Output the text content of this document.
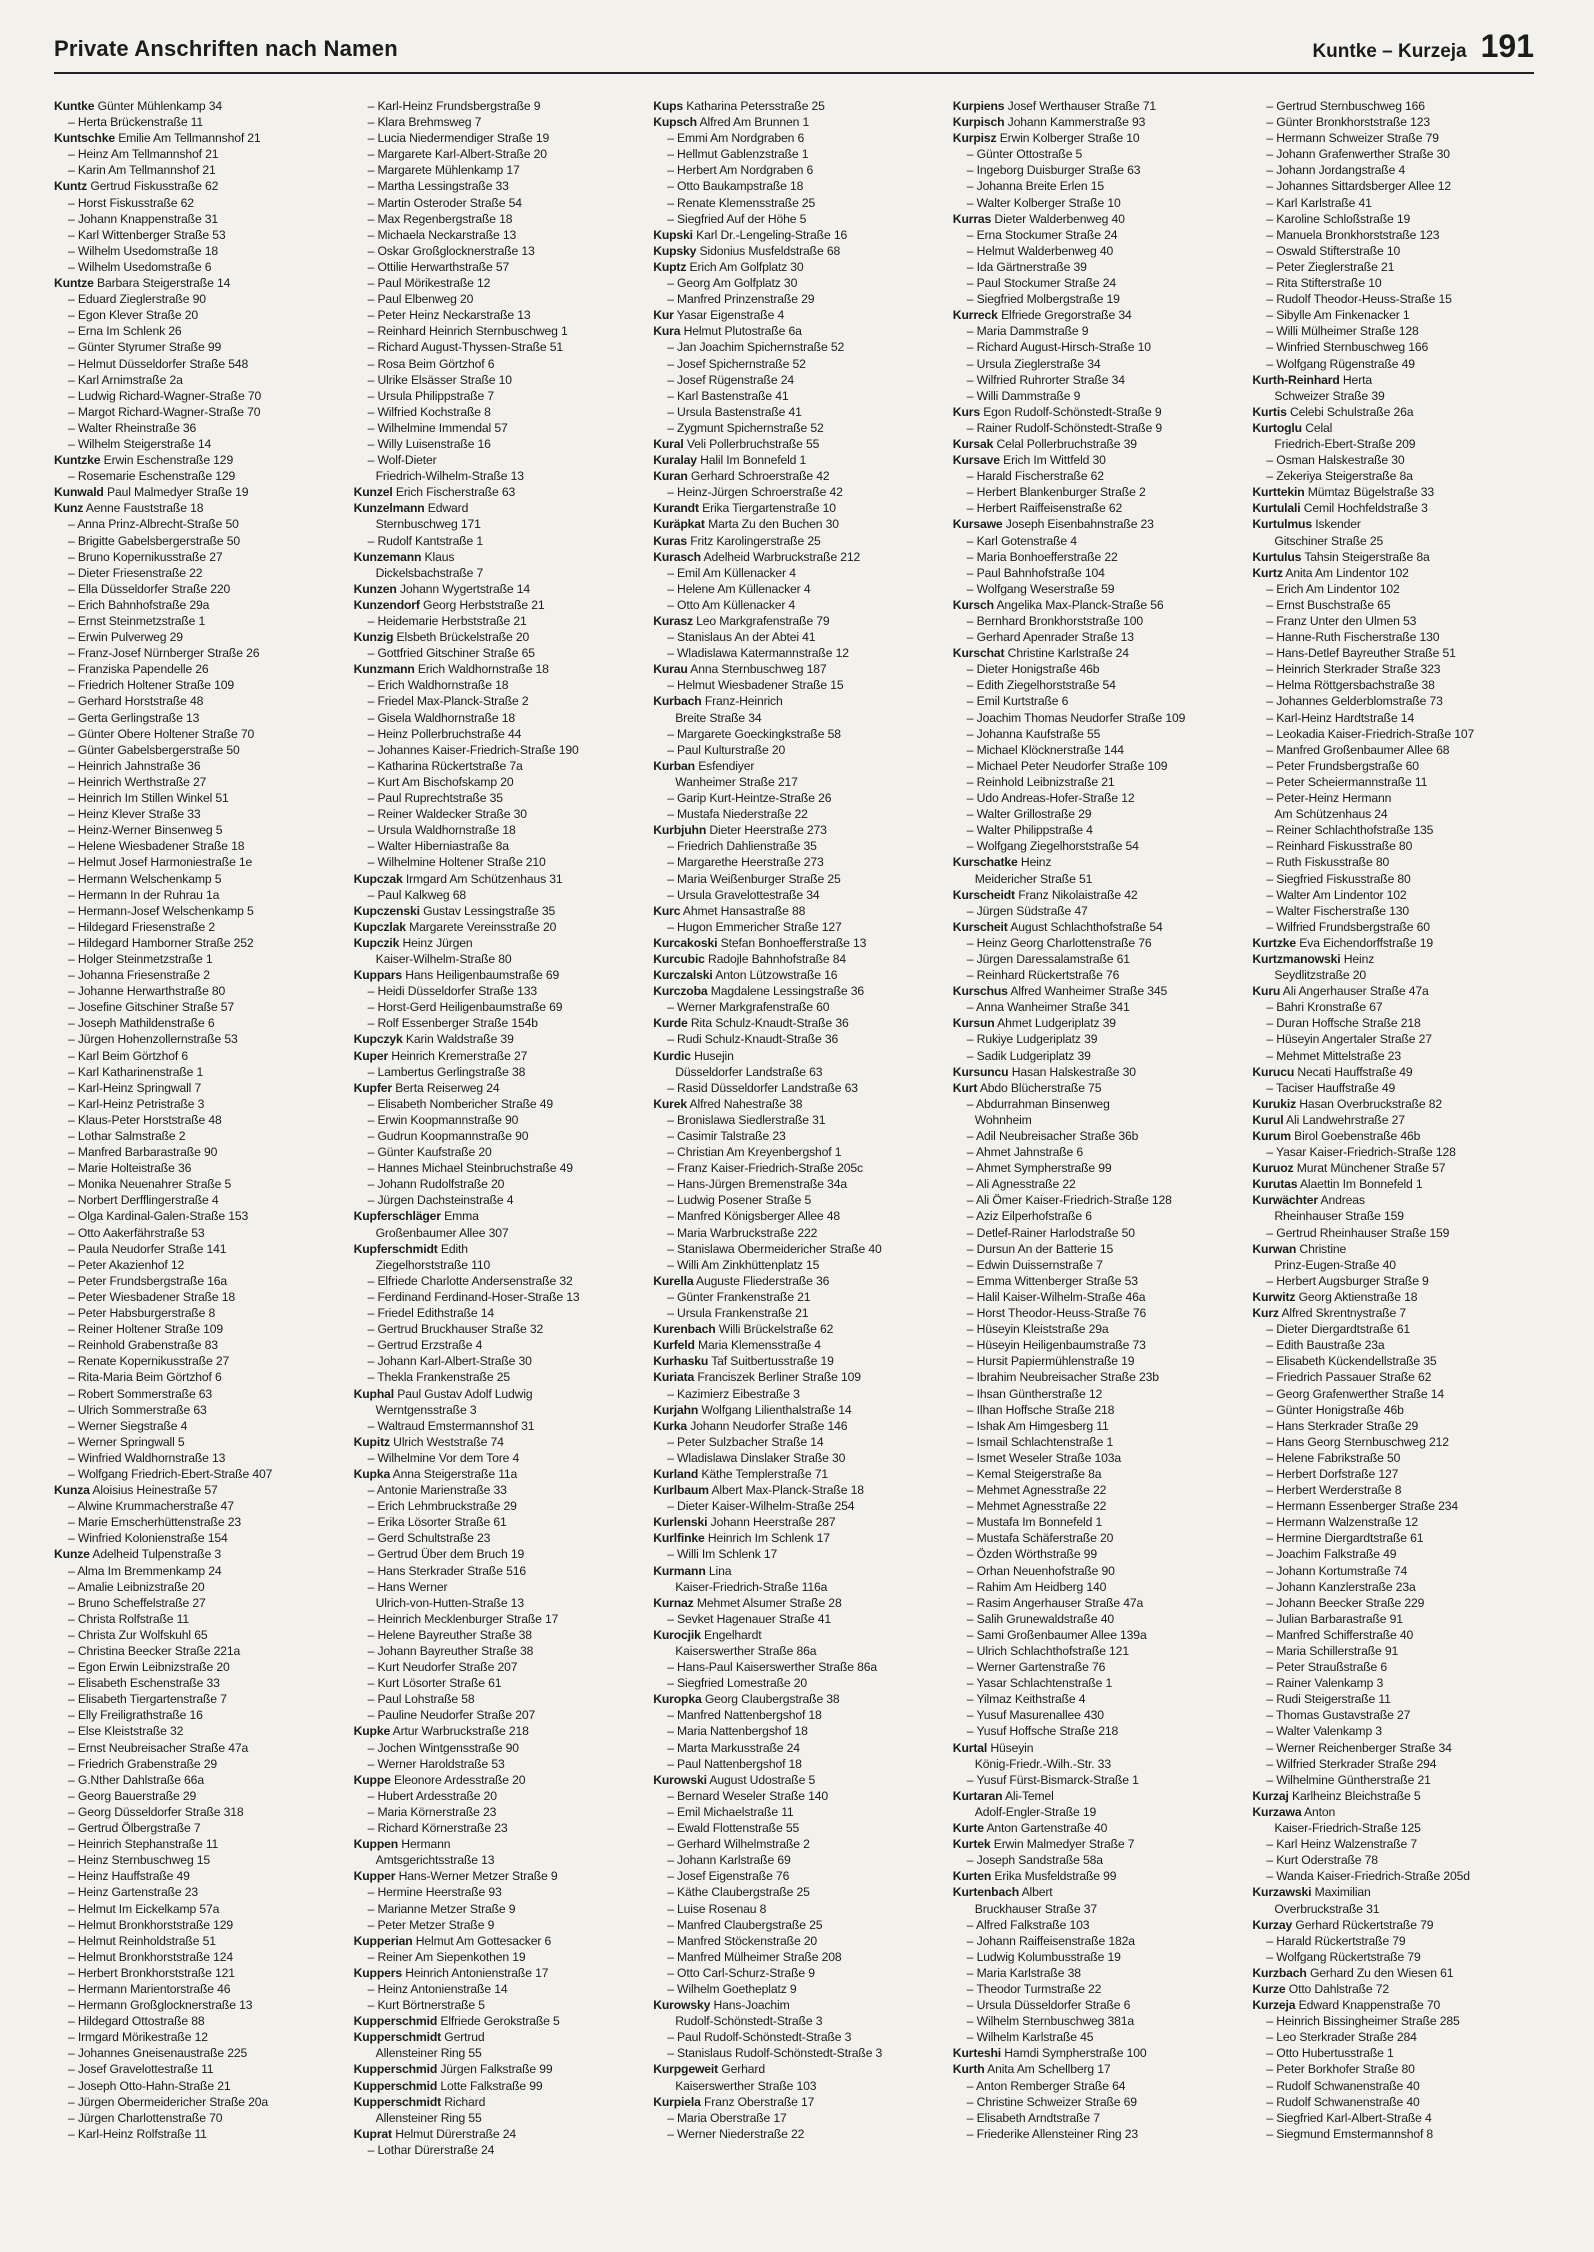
Private Anschriften nach Namen	Kuntke – Kurzeja 191
Kuntke Günter Mühlenkamp 34
– Herta Brückenstraße 11
Kuntschke Emilie Am Tellmannshof 21
– Heinz Am Tellmannshof 21
– Karin Am Tellmannshof 21
Kuntz Gertrud Fiskusstraße 62
– Horst Fiskusstraße 62
– Johann Knappenstraße 31
– Karl Wittenberger Straße 53
– Wilhelm Usedomstraße 18
– Wilhelm Usedomstraße 6
Kuntze Barbara Steigerstraße 14
– Eduard Zieglerstraße 90
– Egon Klever Straße 20
– Erna Im Schlenk 26
– Günter Styrumer Straße 99
– Helmut Düsseldorfer Straße 548
– Karl Arnimstraße 2a
– Ludwig Richard-Wagner-Straße 70
– Margot Richard-Wagner-Straße 70
– Walter Rheinstraße 36
– Wilhelm Steigerstraße 14
Kuntzke Erwin Eschenstraße 129
– Rosemarie Eschenstraße 129
Kunwald Paul Malmedyer Straße 19
Kunz Aenne Fauststraße 18
– Anna Prinz-Albrecht-Straße 50
– Brigitte Gabelsbergerstraße 50
– Bruno Kopernikusstraße 27
– Dieter Friesenstraße 22
– Ella Düsseldorfer Straße 220
– Erich Bahnhofstraße 29a
– Ernst Steinmetzstraße 1
– Erwin Pulverweg 29
– Franz-Josef Nürnberger Straße 26
– Franziska Papendelle 26
– Friedrich Holtener Straße 109
– Gerhard Horststraße 48
– Gerta Gerlingstraße 13
– Günter Obere Holtener Straße 70
– Günter Gabelsbergerstraße 50
– Heinrich Jahnstraße 36
– Heinrich Werthstraße 27
– Heinrich Im Stillen Winkel 51
– Heinz Klever Straße 33
– Heinz-Werner Binsenweg 5
– Helene Wiesbadener Straße 18
– Helmut Josef Harmoniestraße 1e
– Hermann Welschenkamp 5
– Hermann In der Ruhrau 1a
– Hermann-Josef Welschenkamp 5
– Hildegard Friesenstraße 2
– Hildegard Hamborner Straße 252
– Holger Steinmetzstraße 1
– Johanna Friesenstraße 2
– Johanne Herwarthstraße 80
– Josefine Gitschiner Straße 57
– Joseph Mathildenstraße 6
– Jürgen Hohenzollernstraße 53
– Karl Beim Görtzhof 6
– Karl Katharinenstraße 1
– Karl-Heinz Springwall 7
– Karl-Heinz Petristraße 3
– Klaus-Peter Horststraße 48
– Lothar Salmstraße 2
– Manfred Barbarastraße 90
– Marie Holteistraße 36
– Monika Neuenahrer Straße 5
– Norbert Derfflingerstraße 4
– Olga Kardinal-Galen-Straße 153
– Otto Aakerfährstraße 53
– Paula Neudorfer Straße 141
– Peter Akazienhof 12
– Peter Frundsbergstraße 16a
– Peter Wiesbadener Straße 18
– Peter Habsburgerstraße 8
– Reiner Holtener Straße 109
– Reinhold Grabenstraße 83
– Renate Kopernikusstraße 27
– Rita-Maria Beim Görtzhof 6
– Robert Sommerstraße 63
– Ulrich Sommerstraße 63
– Werner Siegstraße 4
– Werner Springwall 5
– Winfried Waldhornstraße 13
– Wolfgang Friedrich-Ebert-Straße 407
Kunza Aloisius Heinestraße 57
– Alwine Krummacherstraße 47
– Marie Emscherhüttenstraße 23
– Winfried Kolonienstraße 154
Kunze Adelheid Tulpenstraße 3
– Alma Im Bremmenkamp 24
– Amalie Leibnizstraße 20
– Bruno Scheffelstraße 27
– Christa Rolfstraße 11
– Christa Zur Wolfskuhl 65
– Christina Beecker Straße 221a
– Egon Erwin Leibnizstraße 20
– Elisabeth Eschenstraße 33
– Elisabeth Tiergartenstraße 7
– Elly Freiligrathstraße 16
– Else Kleiststraße 32
– Ernst Neubreisacher Straße 47a
– Friedrich Grabenstraße 29
– G.Nther Dahlstraße 66a
– Georg Bauerstraße 29
– Georg Düsseldorfer Straße 318
– Gertrud Ölbergstraße 7
– Heinrich Stephanstraße 11
– Heinz Sternbuschweg 15
– Heinz Hauffstraße 49
– Heinz Gartenstraße 23
– Helmut Im Eickelkamp 57a
– Helmut Bronkhorststraße 129
– Helmut Reinholdstraße 51
– Helmut Bronkhorststraße 124
– Herbert Bronkhorststraße 121
– Hermann Marientorstraße 46
– Hermann Großglocknerstraße 13
– Hildegard Ottostraße 88
– Irmgard Mörikestraße 12
– Johannes Gneisenaustraße 225
– Josef Gravelottestraße 11
– Joseph Otto-Hahn-Straße 21
– Jürgen Obermeidericher Straße 20a
– Jürgen Charlottenstraße 70
– Karl-Heinz Rolfstraße 11
– Karl-Heinz Frundsbergstraße 9
– Klara Brehmsweg 7
– Lucia Niedermendiger Straße 19
– Margarete Karl-Albert-Straße 20
– Margarete Mühlenkamp 17
– Martha Lessingstraße 33
– Martin Osteroder Straße 54
– Max Regenbergstraße 18
– Michaela Neckarstraße 13
– Oskar Großglocknerstraße 13
– Ottilie Herwarthstraße 57
– Paul Mörikestraße 12
– Paul Elbenweg 20
– Peter Heinz Neckarstraße 13
– Reinhard Heinrich Sternbuschweg 1
– Richard August-Thyssen-Straße 51
– Rosa Beim Görtzhof 6
– Ulrike Elsässer Straße 10
– Ursula Philippstraße 7
– Wilfried Kochstraße 8
– Wilhelmine Immendal 57
– Willy Luisenstraße 16
– Wolf-Dieter
Friedrich-Wilhelm-Straße 13
Kunzel Erich Fischerstraße 63
Kunzelmann Edward
Sternbuschweg 171
– Rudolf Kantstraße 1
Kunzemann Klaus
Dickelsbachstraße 7
Kunzen Johann Wygertstraße 14
Kunzendorf Georg Herbststraße 21
– Heidemarie Herbststraße 21
Kunzig Elsbeth Brückelstraße 20
– Gottfried Gitschiner Straße 65
Kunzmann Erich Waldhornstraße 18
– Erich Waldhornstraße 18
– Friedel Max-Planck-Straße 2
– Gisela Waldhornstraße 18
– Heinz Pollerbruchstraße 44
– Johannes Kaiser-Friedrich-Straße 190
– Katharina Rückertstraße 7a
– Kurt Am Bischofskamp 20
– Paul Ruprechtstraße 35
– Reiner Waldecker Straße 30
– Ursula Waldhornstraße 18
– Walter Hiberniastraße 8a
– Wilhelmine Holtener Straße 210
Kupczak Irmgard Am Schützenhaus 31
– Paul Kalkweg 68
Kupczenski Gustav Lessingstraße 35
Kupczlak Margarete Vereinsstraße 20
Kupczik Heinz Jürgen
Kaiser-Wilhelm-Straße 80
Kuppars Hans Heiligenbaumstraße 69
– Heidi Düsseldorfer Straße 133
– Horst-Gerd Heiligenbaumstraße 69
– Rolf Essenberger Straße 154b
Kupczyk Karin Waldstraße 39
Kuper Heinrich Kremerstraße 27
– Lambertus Gerlingstraße 38
Kupfer Berta Reiserweg 24
– Elisabeth Nombericher Straße 49
– Erwin Koopmannstraße 90
– Gudrun Koopmannstraße 90
– Günter Kaufstraße 20
– Hannes Michael Steinbruchstraße 49
– Johann Rudolfstraße 20
– Jürgen Dachsteinstraße 4
Kupferschläger Emma
Großenbaumer Allee 307
Kupferschmidt Edith
Ziegelhorststraße 110
– Elfriede Charlotte Andersenstraße 32
– Ferdinand Ferdinand-Hoser-Straße 13
– Friedel Edithstraße 14
– Gertrud Bruckhauser Straße 32
– Gertrud Erzstraße 4
– Johann Karl-Albert-Straße 30
– Thekla Frankenstraße 25
Kuphal Paul Gustav Adolf Ludwig
Werntgensstraße 3
– Waltraud Emstermannshof 31
Kupitz Ulrich Weststraße 74
– Wilhelmine Vor dem Tore 4
Kupka Anna Steigerstraße 11a
– Antonie Marienstraße 33
– Erich Lehmbruckstraße 29
– Erika Lösorter Straße 61
– Gerd Schultstraße 23
– Gertrud Über dem Bruch 19
– Hans Sterkrader Straße 516
– Hans Werner
Ulrich-von-Hutten-Straße 13
– Heinrich Mecklenburger Straße 17
– Helene Bayreuther Straße 38
– Johann Bayreuther Straße 38
– Kurt Neudorfer Straße 207
– Kurt Lösorter Straße 61
– Paul Lohstraße 58
– Pauline Neudorfer Straße 207
Kupke Artur Warbruckstraße 218
– Jochen Wintgensstraße 90
– Werner Haroldstraße 53
Kuppe Eleonore Ardesstraße 20
– Hubert Ardesstraße 20
– Maria Körnerstraße 23
– Richard Körnerstraße 23
Kuppen Hermann
Amtsgerichtsstraße 13
Kupper Hans-Werner Metzer Straße 9
– Hermine Heerstraße 93
– Marianne Metzer Straße 9
– Peter Metzer Straße 9
Kupperian Helmut Am Gottesacker 6
– Reiner Am Siepenkothen 19
Kuppers Heinrich Antonienstraße 17
– Heinz Antonienstraße 14
– Kurt Börtnerstraße 5
Kupperschmid Elfriede Gerokstraße 5
Kupperschmidt Gertrud
Allensteiner Ring 55
Kupperschmid Jürgen Falkstraße 99
Kupperschmid Lotte Falkstraße 99
Kupperschmidt Richard
Allensteiner Ring 55
Kuprat Helmut Dürerstraße 24
– Lothar Dürerstraße 24
Kups Katharina Petersstraße 25
Kupsch Alfred Am Brunnen 1
– Emmi Am Nordgraben 6
– Hellmut Gablenzstraße 1
– Herbert Am Nordgraben 6
– Otto Baukampstraße 18
– Renate Klemensstraße 25
– Siegfried Auf der Höhe 5
Kupski Karl Dr.-Lengeling-Straße 16
Kupsky Sidonius Musfeldstraße 68
Kuptz Erich Am Golfplatz 30
– Georg Am Golfplatz 30
– Manfred Prinzenstraße 29
Kur Yasar Eigenstraße 4
Kura Helmut Plutostraße 6a
– Jan Joachim Spichernstraße 52
– Josef Spichernstraße 52
– Josef Rügenstraße 24
– Karl Bastenstraße 41
– Ursula Bastenstraße 41
– Zygmunt Spichernstraße 52
Kural Veli Pollerbruchstraße 55
Kuralay Halil Im Bonnefeld 1
Kuran Gerhard Schroerstraße 42
– Heinz-Jürgen Schroerstraße 42
Kurandt Erika Tiergartenstraße 10
Kuräpkat Marta Zu den Buchen 30
Kuras Fritz Karolingerstraße 25
Kurasch Adelheid Warbruckstraße 212
– Emil Am Küllenacker 4
– Helene Am Küllenacker 4
– Otto Am Küllenacker 4
Kurasz Leo Markgrafenstraße 79
– Stanislaus An der Abtei 41
– Wladislawa Katermannstraße 12
Kurau Anna Sternbuschweg 187
– Helmut Wiesbadener Straße 15
Kurbach Franz-Heinrich
Breite Straße 34
– Margarete Goeckingkstraße 58
– Paul Kulturstraße 20
Kurban Esfendiyer
Wanheimer Straße 217
– Garip Kurt-Heintze-Straße 26
– Mustafa Niederstraße 22
Kurbjuhn Dieter Heerstraße 273
– Friedrich Dahlienstraße 35
– Margarethe Heerstraße 273
– Maria Weißenburger Straße 25
– Ursula Gravelottestraße 34
Kurc Ahmet Hansastraße 88
– Hugon Emmericher Straße 127
Kurcakoski Stefan Bonhoefferstraße 13
Kurcubic Radojle Bahnhofstraße 84
Kurczalski Anton Lützowstraße 16
Kurczoba Magdalene Lessingstraße 36
– Werner Markgrafenstraße 60
Kurde Rita Schulz-Knaudt-Straße 36
– Rudi Schulz-Knaudt-Straße 36
Kurdic Husejin
Düsseldorfer Landstraße 63
– Rasid Düsseldorfer Landstraße 63
Kurek Alfred Nahestraße 38
– Bronislawa Siedlerstraße 31
– Casimir Talstraße 23
– Christian Am Kreyenbergshof 1
– Franz Kaiser-Friedrich-Straße 205c
– Hans-Jürgen Bremenstraße 34a
– Ludwig Posener Straße 5
– Manfred Königsberger Allee 48
– Maria Warbruckstraße 222
– Stanislawa Obermeidericher Straße 40
– Willi Am Zinkhüttenplatz 15
Kurella Auguste Fliederstraße 36
– Günter Frankenstraße 21
– Ursula Frankenstraße 21
Kurenbach Willi Brückelstraße 62
Kurfeld Maria Klemensstraße 4
Kurhasku Taf Suitbertusstraße 19
Kuriata Franciszek Berliner Straße 109
– Kazimierz Eibestraße 3
Kurjahn Wolfgang Lilienthalstraße 14
Kurka Johann Neudorfer Straße 146
– Peter Sulzbacher Straße 14
– Wladislawa Dinslaker Straße 30
Kurland Käthe Templerstraße 71
Kurlbaum Albert Max-Planck-Straße 18
– Dieter Kaiser-Wilhelm-Straße 254
Kurlenski Johann Heerstraße 287
Kurlfinke Heinrich Im Schlenk 17
– Willi Im Schlenk 17
Kurmann Lina
Kaiser-Friedrich-Straße 116a
Kurnaz Mehmet Alsumer Straße 28
– Sevket Hagenauer Straße 41
Kurocjik Engelhardt
Kaiserswerther Straße 86a
– Hans-Paul Kaiserswerther Straße 86a
– Siegfried Lomestraße 20
Kuropka Georg Claubergstraße 38
– Manfred Nattenbergshof 18
– Maria Nattenbergshof 18
– Marta Markusstraße 24
– Paul Nattenbergshof 18
Kurowski August Udostraße 5
– Bernard Weseler Straße 140
– Emil Michaelstraße 11
– Ewald Flottenstraße 55
– Gerhard Wilhelmstraße 2
– Johann Karlstraße 69
– Josef Eigenstraße 76
– Käthe Claubergstraße 25
– Luise Rosenau 8
– Manfred Claubergstraße 25
– Manfred Stöckenstraße 20
– Manfred Mülheimer Straße 208
– Otto Carl-Schurz-Straße 9
– Wilhelm Goetheplatz 9
Kurowsky Hans-Joachim
Rudolf-Schönstedt-Straße 3
– Paul Rudolf-Schönstedt-Straße 3
– Stanislaus Rudolf-Schönstedt-Straße 3
Kurpgeweit Gerhard
Kaiserswerther Straße 103
Kurpiela Franz Oberstraße 17
– Maria Oberstraße 17
– Werner Niederstraße 22
Kurpiens Josef Werthauser Straße 71
Kurpisch Johann Kammerstraße 93
Kurpisz Erwin Kolberger Straße 10
– Günter Ottostraße 5
– Ingeborg Duisburger Straße 63
– Johanna Breite Erlen 15
– Walter Kolberger Straße 10
Kurras Dieter Walderbenweg 40
– Erna Stockumer Straße 24
– Helmut Walderbenweg 40
– Ida Gärtnerstraße 39
– Paul Stockumer Straße 24
– Siegfried Molbergstraße 19
Kurreck Elfriede Gregorstraße 34
– Maria Dammstraße 9
– Richard August-Hirsch-Straße 10
– Ursula Zieglerstraße 34
– Wilfried Ruhrorter Straße 34
– Willi Dammstraße 9
Kurs Egon Rudolf-Schönstedt-Straße 9
– Rainer Rudolf-Schönstedt-Straße 9
Kursak Celal Pollerbruchstraße 39
Kursave Erich Im Wittfeld 30
– Harald Fischerstraße 62
– Herbert Blankenburger Straße 2
– Herbert Raiffeisenstraße 62
Kursawe Joseph Eisenbahnstraße 23
– Karl Gotenstraße 4
– Maria Bonhoefferstraße 22
– Paul Bahnhofstraße 104
– Wolfgang Weserstraße 59
Kursch Angelika Max-Planck-Straße 56
– Bernhard Bronkhorststraße 100
– Gerhard Apenrader Straße 13
Kurschat Christine Karlstraße 24
– Dieter Honigstraße 46b
– Edith Ziegelhorststraße 54
– Emil Kurtstraße 6
– Joachim Thomas Neudorfer Straße 109
– Johanna Kaufstraße 55
– Michael Klöcknerstraße 144
– Michael Peter Neudorfer Straße 109
– Reinhold Leibnizstraße 21
– Udo Andreas-Hofer-Straße 12
– Walter Grillostraße 29
– Walter Philippstraße 4
– Wolfgang Ziegelhorststraße 54
Kurschatke Heinz
Meidericher Straße 51
Kurscheidt Franz Nikolaistraße 42
– Jürgen Südstraße 47
Kurscheit August Schlachthofstraße 54
– Heinz Georg Charlottenstraße 76
– Jürgen Daressalamstraße 61
– Reinhard Rückertstraße 76
Kurschus Alfred Wanheimer Straße 345
– Anna Wanheimer Straße 341
Kursun Ahmet Ludgeriplatz 39
– Rukiye Ludgeriplatz 39
– Sadik Ludgeriplatz 39
Kursuncu Hasan Halskestraße 30
Kurt Abdo Blücherstraße 75
– Abdurrahman Binsenweg
Wohnheim
– Adil Neubreisacher Straße 36b
– Ahmet Jahnstraße 6
– Ahmet Sympherstraße 99
– Ali Agnesstraße 22
– Ali Ömer Kaiser-Friedrich-Straße 128
– Aziz Eilperhofstraße 6
– Detlef-Rainer Harlodstraße 50
– Dursun An der Batterie 15
– Edwin Duissernstraße 7
– Emma Wittenberger Straße 53
– Halil Kaiser-Wilhelm-Straße 46a
– Horst Theodor-Heuss-Straße 76
– Hüseyin Kleiststraße 29a
– Hüseyin Heiligenbaumstraße 73
– Hursit Papiermühlenstraße 19
– Ibrahim Neubreisacher Straße 23b
– Ihsan Güntherstraße 12
– Ilhan Hoffsche Straße 218
– Ishak Am Himgesberg 11
– Ismail Schlachtenstraße 1
– Ismet Weseler Straße 103a
– Kemal Steigerstraße 8a
– Mehmet Agnesstraße 22
– Mehmet Agnesstraße 22
– Mustafa Im Bonnefeld 1
– Mustafa Schäferstraße 20
– Özden Wörthstraße 99
– Orhan Neuenhofstraße 90
– Rahim Am Heidberg 140
– Rasim Angerhauser Straße 47a
– Salih Grunewaldstraße 40
– Sami Großenbaumer Allee 139a
– Ulrich Schlachthofstraße 121
– Werner Gartenstraße 76
– Yasar Schlachtenstraße 1
– Yilmaz Keithstraße 4
– Yusuf Masurenallee 430
– Yusuf Hoffsche Straße 218
Kurtal Hüseyin
König-Friedr.-Wilh.-Str. 33
– Yusuf Fürst-Bismarck-Straße 1
Kurtaran Ali-Temel
Adolf-Engler-Straße 19
Kurte Anton Gartenstraße 40
Kurtek Erwin Malmedyer Straße 7
– Joseph Sandstraße 58a
Kurten Erika Musfeldstraße 99
Kurtenbach Albert
Bruckhauser Straße 37
– Alfred Falkstraße 103
– Johann Raiffeisenstraße 182a
– Ludwig Kolumbusstraße 19
– Maria Karlstraße 38
– Theodor Turmstraße 22
– Ursula Düsseldorfer Straße 6
– Wilhelm Sternbuschweg 381a
– Wilhelm Karlstraße 45
Kurteshi Hamdi Sympherstraße 100
Kurth Anita Am Schellberg 17
– Anton Remberger Straße 64
– Christine Schweizer Straße 69
– Elisabeth Arndtstraße 7
– Friederike Allensteiner Ring 23
– Gertrud Sternbuschweg 166
– Günter Bronkhorststraße 123
– Hermann Schweizer Straße 79
– Johann Grafenwerther Straße 30
– Johann Jordangstraße 4
– Johannes Sittardsberger Allee 12
– Karl Karlstraße 41
– Karoline Schloßstraße 19
– Manuela Bronkhorststraße 123
– Oswald Stifterstraße 10
– Peter Zieglerstraße 21
– Rita Stifterstraße 10
– Rudolf Theodor-Heuss-Straße 15
– Sibylle Am Finkenacker 1
– Willi Mülheimer Straße 128
– Winfried Sternbuschweg 166
– Wolfgang Rügenstraße 49
Kurth-Reinhard Herta
Schweizer Straße 39
Kurtis Celebi Schulstraße 26a
Kurtoglu Celal
Friedrich-Ebert-Straße 209
– Osman Halskestraße 30
– Zekeriya Steigerstraße 8a
Kurttekin Mümtaz Bügelstraße 33
Kurtulali Cemil Hochfeldstraße 3
Kurtulmus Iskender
Gitschiner Straße 25
Kurtulus Tahsin Steigerstraße 8a
Kurtz Anita Am Lindentor 102
– Erich Am Lindentor 102
– Ernst Buschstraße 65
– Franz Unter den Ulmen 53
– Hanne-Ruth Fischerstraße 130
– Hans-Detlef Bayreuther Straße 51
– Heinrich Sterkrader Straße 323
– Helma Röttgersbachstraße 38
– Johannes Gelderblomstraße 73
– Karl-Heinz Hardtstraße 14
– Leokadia Kaiser-Friedrich-Straße 107
– Manfred Großenbaumer Allee 68
– Peter Frundsbergstraße 60
– Peter Scheiermannstraße 11
– Peter-Heinz Hermann
Am Schützenhaus 24
– Reiner Schlachthofstraße 135
– Reinhard Fiskusstraße 80
– Ruth Fiskusstraße 80
– Siegfried Fiskusstraße 80
– Walter Am Lindentor 102
– Walter Fischerstraße 130
– Wilfried Frundsbergstraße 60
Kurtzke Eva Eichendorffstraße 19
Kurtzmanowski Heinz
Seydlitzstraße 20
Kuru Ali Angerhauser Straße 47a
– Bahri Kronstraße 67
– Duran Hoffsche Straße 218
– Hüseyin Angertaler Straße 27
– Mehmet Mittelstraße 23
Kurucu Necati Hauffstraße 49
– Taciser Hauffstraße 49
Kurukiz Hasan Overbruckstraße 82
Kurul Ali Landwehrstraße 27
Kurum Birol Goebenstraße 46b
– Yasar Kaiser-Friedrich-Straße 128
Kuruoz Murat Münchener Straße 57
Kurutas Alaettin Im Bonnefeld 1
Kurwächter Andreas
Rheinhauser Straße 159
– Gertrud Rheinhauser Straße 159
Kurwan Christine
Prinz-Eugen-Straße 40
– Herbert Augsburger Straße 9
Kurwitz Georg Aktienstraße 18
Kurz Alfred Skrentnystraße 7
– Dieter Diergardtstraße 61
– Edith Baustraße 23a
– Elisabeth Kückendellstraße 35
– Friedrich Passauer Straße 62
– Georg Grafenwerther Straße 14
– Günter Honigstraße 46b
– Hans Sterkrader Straße 29
– Hans Georg Sternbuschweg 212
– Helene Fabrikstraße 50
– Herbert Dorfstraße 127
– Herbert Werderstraße 8
– Hermann Essenberger Straße 234
– Hermann Walzenstraße 12
– Hermine Diergardtstraße 61
– Joachim Falkstraße 49
– Johann Kortumstraße 74
– Johann Kanzlerstraße 23a
– Johann Beecker Straße 229
– Julian Barbarastraße 91
– Manfred Schifferstraße 40
– Maria Schillerstraße 91
– Peter Straußstraße 6
– Rainer Valenkamp 3
– Rudi Steigerstraße 11
– Thomas Gustavstraße 27
– Walter Valenkamp 3
– Werner Reichenberger Straße 34
– Wilfried Sterkrader Straße 294
– Wilhelmine Güntherstraße 21
Kurzaj Karlheinz Bleichstraße 5
Kurzawa Anton
Kaiser-Friedrich-Straße 125
– Karl Heinz Walzenstraße 7
– Kurt Oderstraße 78
– Wanda Kaiser-Friedrich-Straße 205d
Kurzawski Maximilian
Overbruckstraße 31
Kurzay Gerhard Rückertstraße 79
– Harald Rückertstraße 79
– Wolfgang Rückertstraße 79
Kurzbach Gerhard Zu den Wiesen 61
Kurze Otto Dahlstraße 72
Kurzeja Edward Knappenstraße 70
– Heinrich Bissingheimer Straße 285
– Leo Sterkrader Straße 284
– Otto Hubertusstraße 1
– Peter Borkhofer Straße 80
– Rudolf Schwanenstraße 40
– Rudolf Schwanenstraße 40
– Siegfried Karl-Albert-Straße 4
– Siegmund Emstermannshof 8
